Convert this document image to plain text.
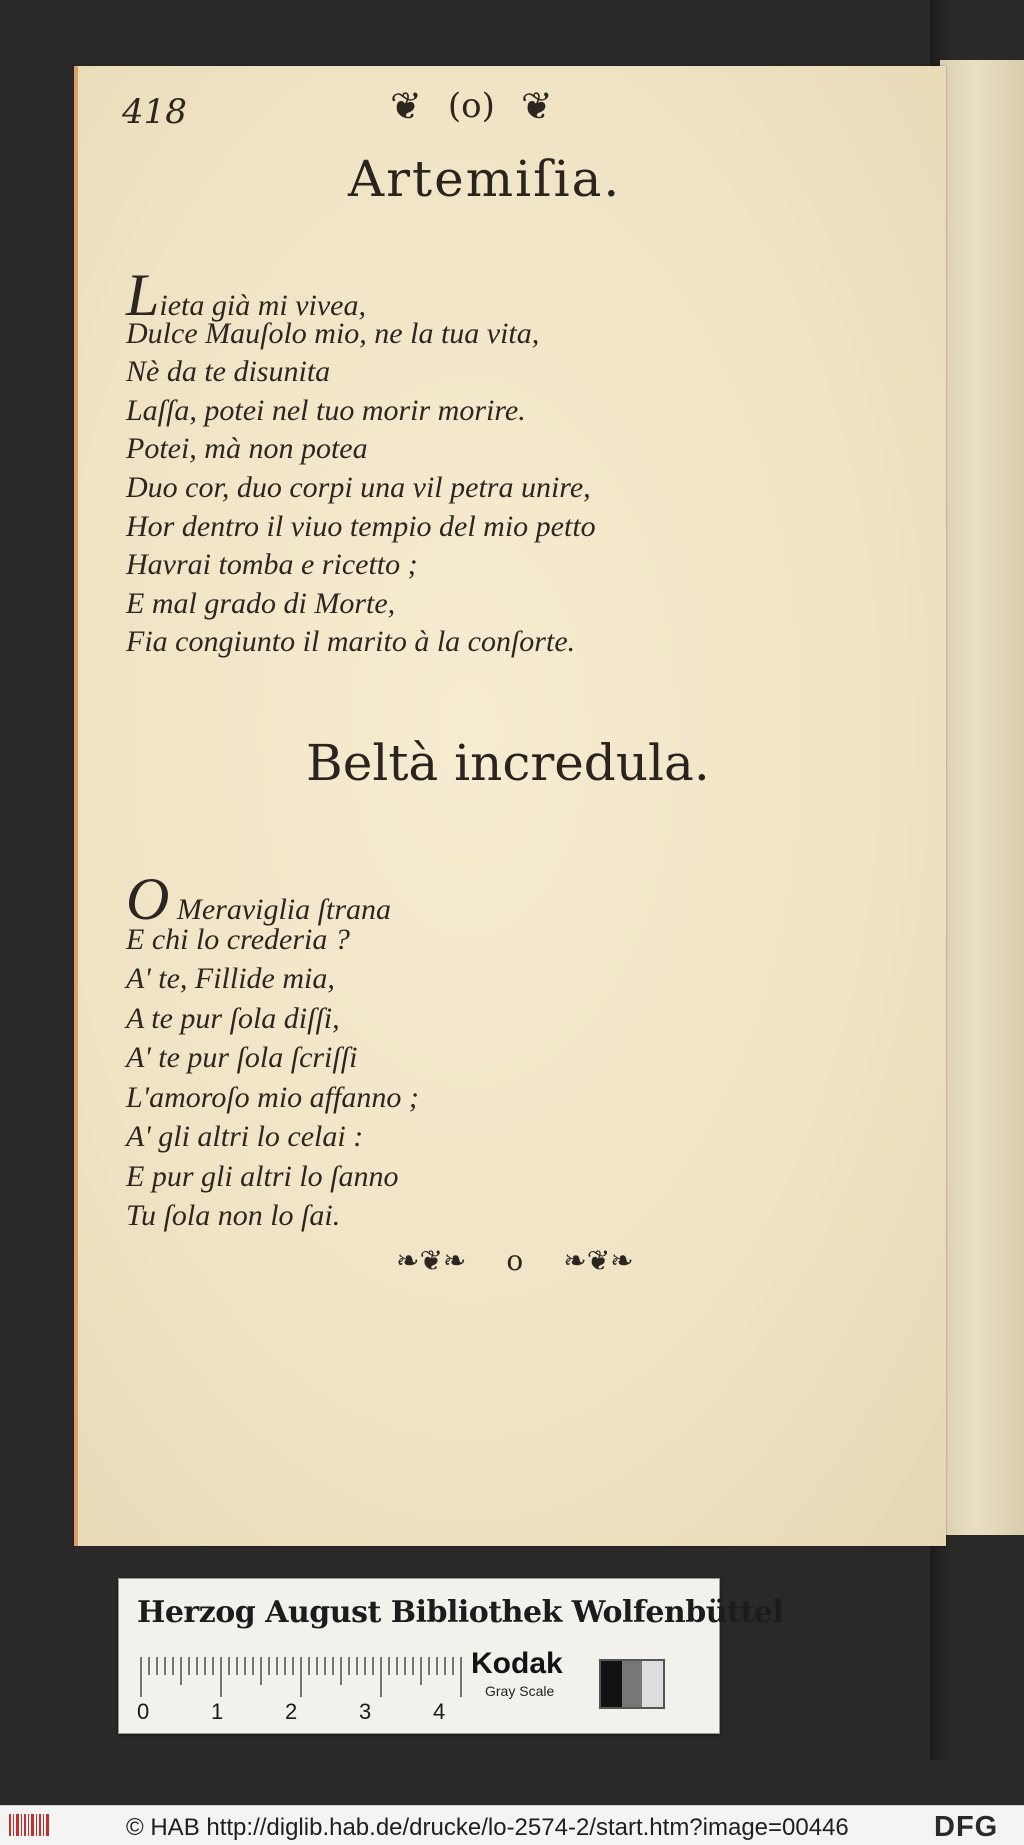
418	❦ (o) ❦
Artemiſia.
Lieta già mi vivea,
Dulce Mauſolo mio, ne la tua vita,
Nè da te disunita
Laſſa, potei nel tuo morir morire.
Potei, mà non potea
Duo cor, duo corpi una vil petra unire,
Hor dentro il viuo tempio del mio petto
Havrai tomba e ricetto ;
E mal grado di Morte,
Fia congiunto il marito à la conſorte.
Beltà incredula.
O Meraviglia ſtrana
E chi lo crederia ?
A' te, Fillide mia,
A te pur ſola diſſi,
A' te pur ſola ſcriſſi
L'amoroſo mio affanno ;
A' gli altri lo celai :
E pur gli altri lo ſanno
Tu ſola non lo ſai.
❧❦❧ o ❧❦❧
Herzog August Bibliothek Wolfenbüttel
0	1	2	3	4
Kodak
Gray Scale
© HAB http://diglib.hab.de/drucke/lo-2574-2/start.htm?image=00446	DFG
